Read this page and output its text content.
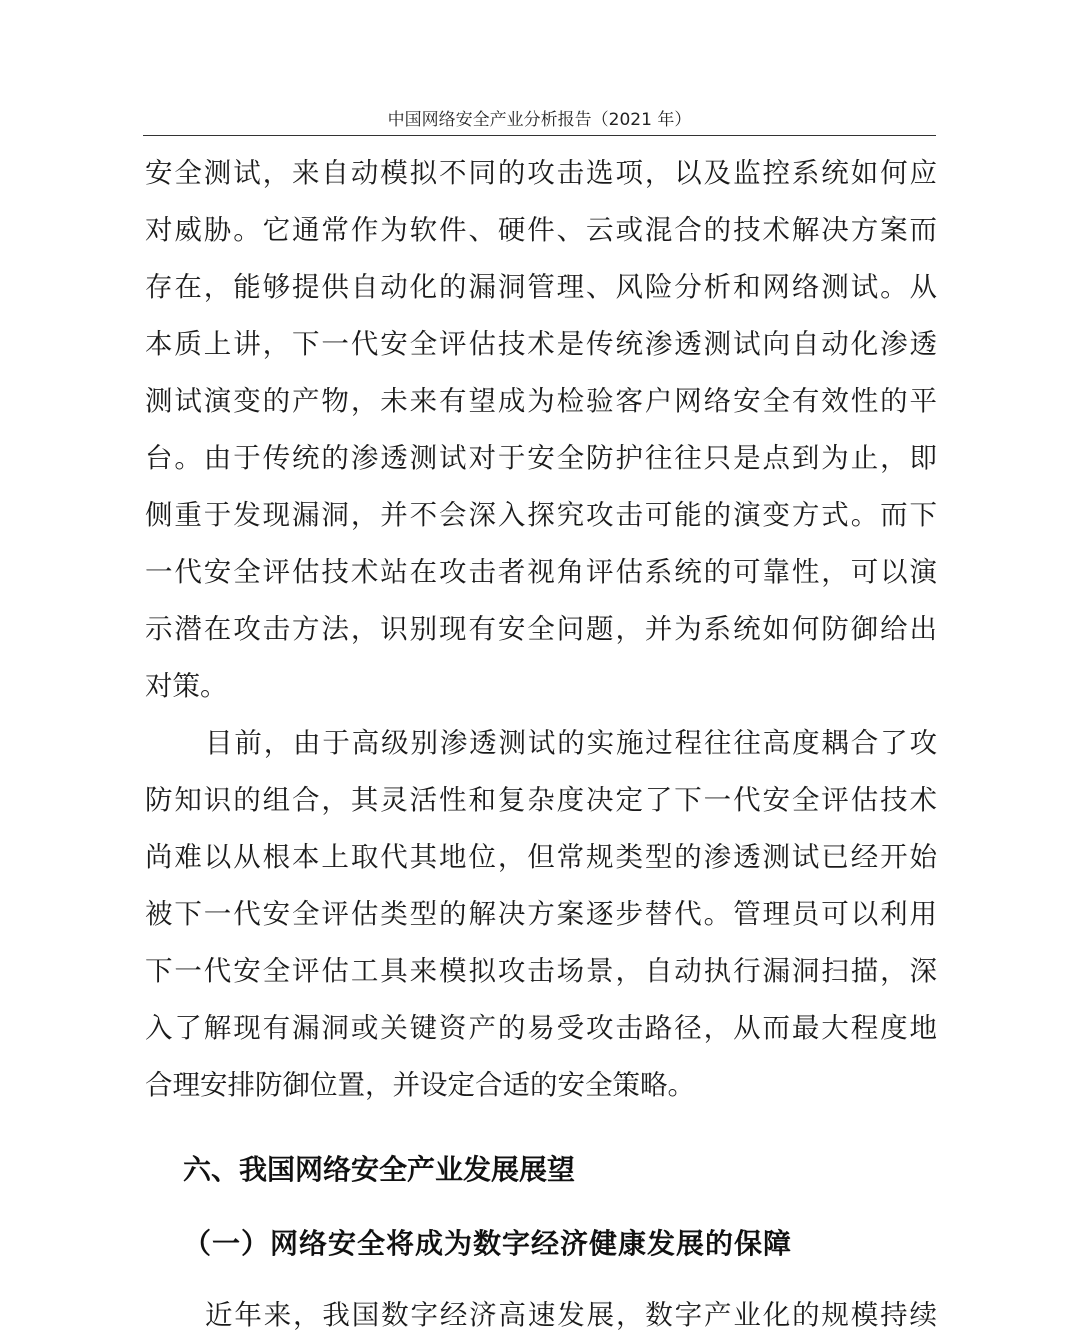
中国网络安全产业分析报告（2021 年）
安全测试，来自动模拟不同的攻击选项，以及监控系统如何应
对威胁。它通常作为软件、硬件、云或混合的技术解决方案而
存在，能够提供自动化的漏洞管理、风险分析和网络测试。从
本质上讲，下一代安全评估技术是传统渗透测试向自动化渗透
测试演变的产物，未来有望成为检验客户网络安全有效性的平
台。由于传统的渗透测试对于安全防护往往只是点到为止，即
侧重于发现漏洞，并不会深入探究攻击可能的演变方式。而下
一代安全评估技术站在攻击者视角评估系统的可靠性，可以演
示潜在攻击方法，识别现有安全问题，并为系统如何防御给出
对策。
目前，由于高级别渗透测试的实施过程往往高度耦合了攻
防知识的组合，其灵活性和复杂度决定了下一代安全评估技术
尚难以从根本上取代其地位，但常规类型的渗透测试已经开始
被下一代安全评估类型的解决方案逐步替代。管理员可以利用
下一代安全评估工具来模拟攻击场景，自动执行漏洞扫描，深
入了解现有漏洞或关键资产的易受攻击路径，从而最大程度地
合理安排防御位置，并设定合适的安全策略。
六、我国网络安全产业发展展望
（一）网络安全将成为数字经济健康发展的保障
近年来，我国数字经济高速发展，数字产业化的规模持续
